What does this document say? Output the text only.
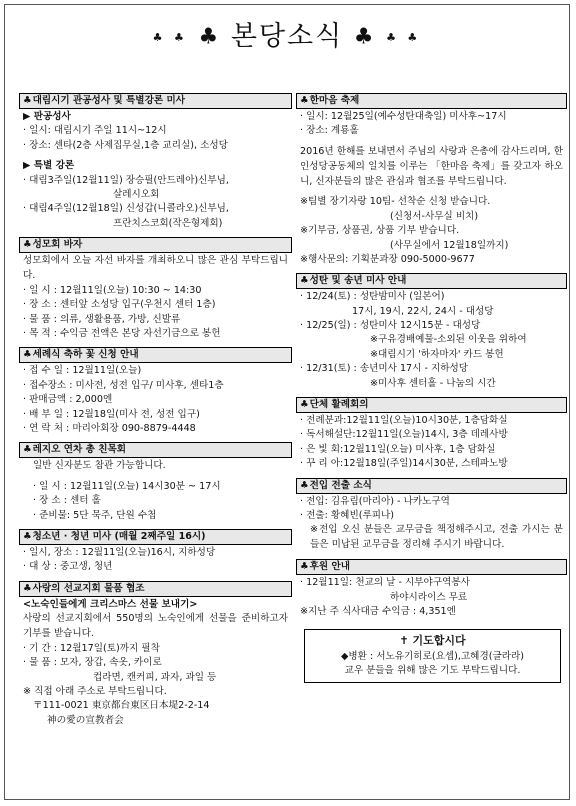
♣ ♣ ♣ 본당소식 ♣ ♣ ♣
♣대림시기 관공성사 및 특별강론 미사
▶ 판공성사
· 일시: 대림시기 주일 11시~12시
· 장소: 센타(2층 사제집무실,1층 교리실), 소성당
▶ 특별 강론
· 대림3주일(12월11일) 장승필(안드레아)신부님,
살레시오회
· 대림4주일(12월18일) 신성갑(니콜라오)신부님,
프란치스코회(작은형제회)
♣성모회 바자
성모회에서 오늘 자선 바자를 개최하오니 많은 관심 부탁드립니다.
· 일 시 : 12월11일(오늘) 10:30 ~ 14:30
· 장 소 : 센터앞 소성당 입구(우천시 센터 1층)
· 물 품 : 의류, 생활용품, 가방, 신발류
· 목 적 : 수익금 전액은 본당 자선기금으로 봉헌
♣세례식 축하 꽃 신청 안내
· 접 수 일 : 12월11일(오늘)
· 접수장소 : 미사전, 성전 입구/ 미사후, 센타1층
· 판매금액 : 2,000엔
· 배 부 일 : 12월18일(미사 전, 성전 입구)
· 연 락 처 : 마리아회장 090-8879-4448
♣레지오 연차 총 친목회
일반 신자분도 참관 가능합니다.
· 일 시 : 12월11일(오늘) 14시30분 ~ 17시
· 장 소 : 센터 홀
· 준비물: 5단 묵주, 단원 수첩
♣청소년 · 청년 미사 (매월 2째주일 16시)
· 일시, 장소 : 12월11일(오늘)16시, 지하성당
· 대 상 : 중고생, 청년
♣사랑의 선교지회 물품 협조
<노숙인들에게 크리스마스 선물 보내기>
사랑의 선교지회에서 550명의 노숙인에게 선물을 준비하고자 기부를 받습니다.
· 기 간 : 12월17일(토)까지 필착
· 물 품 : 모자, 장갑, 속옷, 카이로
컵라면, 캔커피, 과자, 과일 등
※ 직접 아래 주소로 부탁드립니다.
〒111-0021 東京都台東区日本堤2-2-14
神の愛の宣教者会
♣한마음 축제
· 일시: 12월25일(예수성탄대축일) 미사후~17시
· 장소: 계룡홀
2016년 한해를 보내면서 주님의 사랑과 은총에 감사드리며, 한인성당공동체의 일치를 이루는 「한마음 축제」를 갖고자 하오니, 신자분들의 많은 관심과 협조를 부탁드립니다.
※팀별 장기자랑 10팀- 선착순 신청 받습니다.
(신청서-사무실 비치)
※기부금, 상품권, 상품 기부 받습니다.
(사무실에서 12월18일까지)
※행사문의: 기획분과장 090-5000-9677
♣성탄 및 송년 미사 안내
· 12/24(토) : 성탄밤미사 (일본어)
17시, 19시, 22시, 24시 - 대성당
· 12/25(일) : 성탄미사 12시15분 - 대성당
※구유경배예물-소외된 이웃을 위하여
※대림시기 '하자마자' 카드 봉헌
· 12/31(토) : 송년미사 17시 - 지하성당
※미사후 센터홀 - 나눔의 시간
♣단체 활례회의
· 전례분과:12월11일(오늘)10시30분, 1층담화실
· 독서해설단:12월11일(오늘)14시, 3층 데레사방
· 은 빛 회:12월11일(오늘) 미사후, 1층 담화실
· 꾸 리 아:12월18일(주일)14시30분, 스테파노방
♣전입 전출 소식
· 전입: 김유림(마리아) - 나카노구역
· 전출: 황혜빈(루피나)
※전입 오신 분들은 교무금을 책정해주시고, 전출 가시는 분들은 미납된 교무금을 정리해 주시기 바랍니다.
♣후원 안내
· 12월11일: 천교의 날 - 시부야구역봉사
하야시라이스 무료
※지난 주 식사대금 수익금 : 4,351엔
✝ 기도합시다
◆병환 : 서노유기히로(요셉),고혜경(글라라)
교우 분들을 위해 많은 기도 부탁드립니다.
